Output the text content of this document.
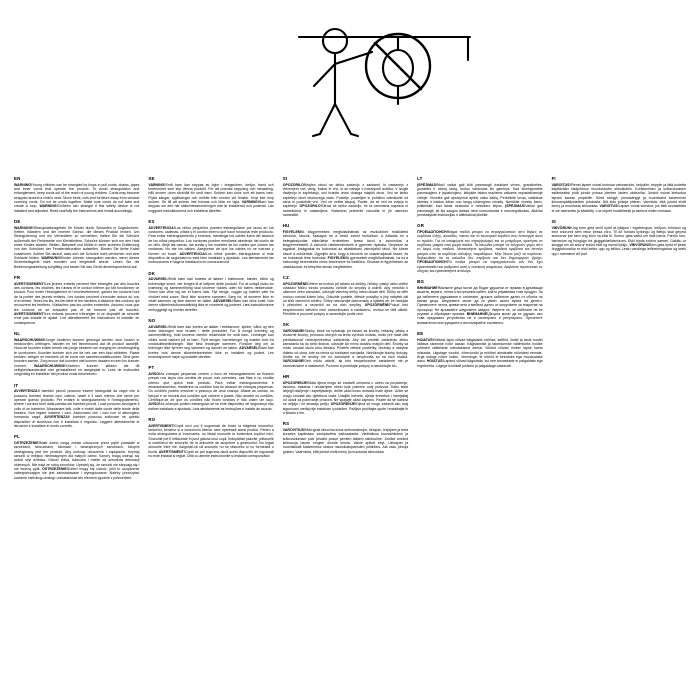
EN
WARNING!Young children can be strangled by loops in pull cords, chains, tapes and inner cords that operate the product. To avoid strangulation and entanglement, keep cords out of the reach of young children. Cords may become wrapped around a child's neck. Move beds, cots and furniture away from window covering cords. Do not tie cords together. Make sure cords do not twist and create a loop. WARNING!Children can strangle if this safety device is not installed and adjusted. Read carefully the instructions and install accordingly.
DE
WARNUNG!Strangulationsgefahr für Kinder durch Schlaufen in Zugschnüren, Ketten, Bändern und der inneren Schnur, die dieses Produkt lenken. Um Strangulierung und ein Verheddern zu vermeiden, halten Sie die Schnüre außerhalb der Reichweite von Kleinkindern. Schnüre können sich um den Hals eines Kindes wickeln. Betten, Babybett und Möbel in einer sicheren Entfernung von den Schnüren der Fensterdekoration aufstellen. Binden Sie keine Kabel zusammen. Achten Sie darauf, dass sich die Schnüre nicht verdrehen und eine Schlaufe bilden. WARNUNG!Kinder können stranguliert werden, wenn dieses Sicherheitsgerät nicht montiert und eingestellt wurde. Lesen Sie die Bedienungsanleitung sorgfältig und bauen Sie das Gerät dementsprechend auf.
FR
AVERTISSEMENT!Les jeunes enfants peuvent être étranglés par des boucles des cordons, les chaînes, les rubans et le cordon interne qui fait fonctionner ce produit. Pour éviter l'étranglement et l'enchevêtrement, gardez les cordons hors de la portée des jeunes enfants. Les cordes peuvent s'enrouler autour du cou d'un enfant. Tenez les lits, les lits bébé et les meubles à distance des cordons qui recouvrent les fenêtres. N'attachez pas les cordes ensemble. Assurez-vous que les cordons ne se torsadent pas et ne forment pas de boucles. AVERTISSEMENT!Les enfants peuvent s'étrangler si ce dispositif de sécurité n'est pas installé et ajusté. Lire attentivement les instructions et installer en conséquence.
NL
WAARSCHUWING!Jonge kinderen kunnen gewurgd worden door lussen in trekkoorden, kettingen, banden en het binnenkoord dat dit product aandrijft. Houd de koorden buiten bereik van jonge kinderen om wurging en verstrengeling te voorkomen. Koorden kunnen zich om de nek van een kind wikkelen. Plaats bedden, wiegen en meubels uit de buurt van raambecoratiekoorden. Bind geen koorden samen. Zorg ervoor dat koorden niet kunnen draaien en een lus kunnen vormen. WAARSCHUWING!Kinderen kunnen stikken als dit veiligheidsonderdeel niet geïnstalleerd en aangepast is. Lees de instructies zorgvuldig en installeer het product zoals beschreven.
IT
AVVERTENZA!I bambini piccoli possono essere strangolati da cappi che si possono formare tirando cavi, catene, nastri e il cavo interno che serve per operare questo prodotto. Per evitare lo strangolamento e l'intrappolamento, tenere i cordoni fuori dalla portata dei bambini piccoli. I cavi possono avvolgere il collo di un bambino. Allontanare letti, culle e mobili dalle corde delle tende della finestra. Non legare insieme i cavi. Assicurarsi che i cavi non si attorciglino formando cappi. AVVERTENZA!I bambini possono soffocare se questo dispositivo di sicurezza non è installato e regolato. Leggere attentamente le istruzioni e installare in modo corretto.
PL
OSTRZEŻENIE!Małe dzieci mogą zostać uduszone przez pętle powstałe w sznurkach, łańcuchach, taśmach i wewnętrznych sznurkach, którymi obsługiwany jest ten produkt. Aby uniknąć uduszenia i zaplątania, trzymaj sznurki w miejscu niedostępnym dla małych dzieci. Sznury mogą owinąć się wokół szyi dziecka. Odsuń łóżka, łóżeczka i meble od sznurków dekoracji okiennych. Nie wiąż ze sobą sznurków. Upewnij się, że sznurki nie skręcają się i nie tworzą pętli. OSTRZEŻENIE!Dzieci mogą się udusić, jeśli to urządzenie zabezpieczające nie jest zainstalowane i wyregulowane. Należy przeczytać uważnie instrukcję obsługi i zainstalować ten element zgodnie z poleceniem.
SE
VARNING!Små barn kan strypas av öglor i dragsnören, kedjor, band och innersnöret som styr denna produkt. För att undvika strypning och intrassling, håll snoren utom räckhåll för små barn. Snören kan snos runt ett barns hals. Flytta sängar, spjälsängar och möbler från snören vid fönster. Knyt inte ihop snören. Se till att snören inte tvinnas och bilar en ögla. VARNING!Barn kan strypas om den här säkerhetsanordningen inte är installerad och justerad. Läs noggrant instruktionerna och installera därefter.
ES
ADVERTENCIA!Los niños pequeños pueden estrangularse por lazos en los cordones, cadenas, cintas y el cordón interno que hace funcionar este producto. Para evitar estrangulamiento y enredos, mantenga los cables fuera del alcance de los niños pequeños. Los cordones pueden enrollarse alrededor del cuello de un niño. Aleje las camas, las cunas y los muebles de los cables que cubren las ventanas. No ate los cables. Asegúrese de que los cables no se tuerzan y formen un bucle. ADVERTENCIA!Los niños pueden estrangularse si este dispositivo de seguridad no está bien instalado y ajustado. Lea atentamente las instrucciones e haga la instalación en consecuencia.
DK
ADVARSEL!Små børn kan kvæles af løkker i træksnore, kæder, bånd og indvendige snore, der bruges til at betjene dette produkt. For at undgå risiko for kvælning og sammenfiltring skal snorene holdes uden for børns rækkevidde. Snore kan vikle sig om et barns hals. Flyt senge, vugger og møbler væk fra vinduet med snore. Bind ikke snorene sammen. Sørg for, at snorene ikke er vikiet sammen og ikke danner en løkke. ADVARSEL!Børn kan blive kvalt, hvis denne sikkerhedsforanstaltning ikke er monteret og justeret. Læs instruktionerne omhyggeligt og monter derefter.
NO
ADVARSEL!Små barn kan kveles av løkker i trekksnorer, kjeder, bånd og den indre ledningen som brukes i dette produktet. For å unngå kvelning og sammenfiltring, hold snorene utenfor rekkevidde for små barn. Ledninger kan vikles rundt nakken på et barn. Flytt senger, barnesenger og møbler bort fra vindusdekselledninger. Ikke bind ledninger sammen. Forsikre deg om at ledninger ikke fyrrerer seg sammen og danner en løkke. ADVARSEL!Barn kan kveles hvis denne sikkerhetsenheten ikke er installert og justert. Les instruksjonene nøye og installer deretter.
PT
AVISO!As crianças pequenas correm o risco de estrangulamento se ficarem presas nos laços dos cordéis de puxar, nas correntes, nas fitas e no cordão interno que opera este produto. Para evitar estrangulamentos e emaranhamentos, mantenha os cordões fora do alcance de crianças pequenas. Os cordões podem envolver o pescoço de uma criança. Afaste as camas, os berços e os móveis dos cordões que cobrem a janela. Não amarre os cordões. Certifique-se de que os cordões não ficam torcidos e não criam um laço. AVISO!As crianças podem estrangular-se se este dispositivo de segurança não estiver instalado e ajustado. Leia atentamente as instruções e instale de acordo.
RO
AVERTISMENT!Copiii mici pot fi sugrumați de bucle la trăgerea snururilor, lanțurilor, benzilor și a cordonului interior care operează acest produs. Pentru a evita strangularea și încurcarea, nu lăsați snururile la îndemâna copiilor mici. Snururile pot fi înfășurate în jurul gâtului unui copil. Îndepărtați paturile, pătuțurile și mobilierul de snururile de la articolele de acoperire a geamurilor. Nu legați snururile între ele. Asigurați-vă că snururile nu se răsucesc și nu formează o buclă. AVERTISMENT!Copiii se pot sugruma dacă acest dispozitiv de siguranță nu este instalat și reglat. Citiți cu atenție instrucțiunile și instalați corespunzător.
SI
OPOZORILO!Majhni otroci se lahko zadavijo z zankami, ki nastanejo z vlečenjem vrvi, verig, trakov in vrvi, ki se nahaja v notranjosti izdelka. V izogib davljenju in zapletanju, vrvi hranite izven dosega mlajših otrok. Vrvi se lahko zapletejo okoli otrokovega vratu. Postelje, posteljice in pohištvo odmaknite od okna in poskrbite vrvi. Vrvi ne vežite skupaj. Pazite, da se vrvi ne zvijejo in zapletejo. OPOZORILO!Otroci se lahko zadavijo, če ta varnostna naprava ni nameščena in nastavljena. Natančno preberite navodila in jih ustrezno namestite.
HU
FIGYELEM!A kisgyermekek megfulladhatnak az eszközöket működtető zsinórok, láncok, szalagok és a belső zsinór hurkaiban. A fulladás és a belegabalyodás elkerülése érdekében tartsa távol a zsinórokat a kisgyermekektől. A zsinórok rátekeredhetnek a gyermek nyakára. Helyezze az ágyakat, kiságyakat és bútorokat az ablaktakaró zsinórjaitól távol. Ne kösse össze a zsinórokat. Ügyeljen arra, hogy a zsinórok ne csavarodjanak össze, és ne hozzanak létre hurkokat. FIGYELEM!A gyermekek megfulladhatnak, ha ez a biztonsági berendezés nincs felszerelve és beállítva. Olvassa el figyelmesen az utasításokat, és telepítse annak megfelelően.
CZ
UPOZORNĚNÍ!Dětem se mohou při tahání za šňůrky, řetízky, pásky nebo vnitřní ovládací šňůru tohoto produktu vzniklé do smyčky a uškrtit. Aby nedošlo k uškrcení nebo zamotání, udržujte všechny šňůry mimo dosah dětí. Šňůry se děhi mohou omotat kolem krku. Odsuňte postele, dětské postýlky a jiný nábytek dál od šňůr okenních stínění. Šňůry nesvazujte dohromady a ujistěte se, že nedojde k přetočení a nevzniklí se na nich smyčky. UPOZORNĚNÍ!Pokud toto bezpečnostní zařízení není namontováno a nastaveno, mohou se děti uškrtit. Přečtěte si pozorně pokyny a namontujte podle nich.
SK
VAROVANIE!Slučky, ktoré sa vytvárajú pri ťahaní za šnúrky, retiazky, pásky a vnútorné šnúrky, pomocou ktorých sa tento výrobok ovláda, môžu pre malé deti predstavovať nebezpečenstvo zaškrtenia. Aby ste predišli zaškrteniu alebo zamotaniu sa do tohto šnúrok, udržujte ich mimo dosahu malých detí. Šnúrky sa môžu omotať okolo krku dieťaťa. Posteľe detské postieľky, ohrádky a nábytok ďaleko od okna, kde sa nénia sú šnúrkami navíjadlá. Nezväzujte šnúrky dokopy. Uistite sa, že šnúrky nie sú zamotané a nevytvorila sa na nich slučka. VAROVANIE!Deti môžu uškrtiť, ak toto bezpečnostné zariadenie nie je namontované a nastavené. Pozorne si prečítajte pokyny a namontujte ich.
HR
UPOZORENJE!Mala djeca mogu se zadaviti omčama u užetu za povlačenje, lancima, trakama i unutarnjem užetu koje pokreće ovaj proizvod. Kako biste izbjegli davljenje i zapetljavanje, držite užad izvan dohvata male djece. Užice se mogu omotati oko djetetova vrata. Udaljite krevete, dječje krevetiće i namještaj od užadi za pokrivanje prozora. Ne spajajte užad zajedno. Pazite da se kablovi ne uvijaju i ne stvaraju petlju. UPOZORENJE!Djeca se mogu zadaviti ako ovaj sigurnosni uređaj nije instaliran i podešen. Pažljivo pročitajte upute i instalirajte ih u skladu s tim.
RS
VAROVITIUS!Mali igrati taisni kurzcius setionaulmojm, ketujom, trejajiem ja beta kurzetra kaptinaam szukpavėtos vaikusstadia. Viešilaikosi kurzažminiem ja sutinosžiumam pole johollot posue pemten taštem sišritoulme. Johillot smnied kiribouzja hauen smgien dinnde kinnla. Vaivie apibet esyt. Užisapiet ja huomlakkaš kaavemiesz uksiua naudokatopaesden juhtinbus. Ala usku johtoja ghteen. Vaarmista, että johdot eivät kierry ja muodosta silmukkaa.
LT
ĮSPĖJIMAS!Maži vaikai gali būti pasmaugti traukiant virves, grandinėles, juosteles ir vidinę laidą, kuriuo valdomas šis gaminys. Kad išvengtumėte pasmaugimo ir įsipainiojimo, laikykite laidus mažiems vaikams nepasiekiamoje vietoje. Virvelės gali apsivynioti aplink vaiko kaklą. Perkelkite lovas, vaikiškas lavetes ir baldus toliau nuo langų uždengimo virvelių. Neriškite virvelių kartu. Įsitikinkite, kad laidai nesisuka ir nesudaro kilpos. ĮSPĖJIMAS!Vaikai gali pasmaugti, jei šis saugos įtaisas nėra sumontuotas ir nesureguliuotas. Atidžiai perskaitykite instrukcijas ir atitinkamai įdiekite.
GR
ΠΡΟΕΙΔΟΠΟΙΗΣΗ!Μικρά παιδιά μπορεί να στραγγαλιστούν από θηλιές σε κορδόνια έλξης, αλυσίδες, ταινίες και το εσωτερικό κορδόνι που λειτουργεί αυτό το προϊόν. Για να αποφύγετε τον στραγγαλισμό και το μπέρδεμα, κρατήστε τα κορδόνια μακριά από μικρά παιδιά. Τα καλώδια μπορεί να τυλιχτούν γύρω από το λαιμό ενός παιδιού. Μετακινήστε κρεβάτια, παιδικά κρεβάτια και έπιπλα μακριά από τα κορδόνια κάλυψης παραθύρων. Μην δένετε μαζί τα κορδόνια. Βεβαιωθείτε ότι τα καλώδια δεν στρίβουν και δεν δημιουργούν βρόχο. ΠΡΟΕΙΔΟΠΟΙΗΣΗ!Τα παιδιά μπορεί να στραγγαλιστούν εάν δεν έχει εγκατασταθεί και ρυθμιστεί αυτή η συσκευή ασφαλείας. Διαβάστε προσεκτικά τις οδηγίες και εγκαταστήστε ανάλογα.
BG
ВНИМАНИЕ!Малките деца могат да бъдат удушени от примки в дръпващи въжета, вериги, ленти и вътрешния кабел, който управлява този продукт. За да избегнете удушаване и оплитане, дръжте кабелите далеч от обсега на малки деца. Шнуровете могат да се увият около врата на детето. Преместете легла, креватчета и мебели далеч от шнуровете за покритие на прозорци. Не връзвайте шнуровете заедно. Уверете се, че кабелите не се усукват и образуват примка. ВНИМАНИЕ!Децата могат да се удушат, ако това предпазно устройство не е монтирано и регулирано. Прочетете внимателно инструкциите и инсталирайте съответно.
EE
HOIATUS!Väikesi lapsi võivad käigistada nöörisd, ketthid, lindid ja seda toodet käitava sisemise nööri aasad. Kägistamise ja takerdumise vältimiseks hoidke juhtmed väikelaste käeulatusest eemal. Nöörid võivad ümber lapse kaela mässida. Liigutage voodid, võrevoodid ja mööbel aknakatte nööridest eemale. Ärge siduge nööre kokku. Veenduge, et nöörid ei keerduks ega moodustaks aasu. HOIATUS!Lapsed võivad kägistada, kui see turvaseade ei paigaldata ega reguleerita. Lugege hoolikalt juhiseid ja paigaldage vastavalt.
FI
VAROITUS!Pienet lapset voivat kuristua vetonaruhin, ketjuihin, teippiin ja tätä tuotetta käyttävään sisäjohtoon muodostuviin silmukoihin. Kuristumisen ja sotkeutumisen estämiseksi pidä johdot poissa pienten lasten ulottuvilta. Johdot voivat kietoutua lapsen kaulan ympärille. Siirrä sängyt, pinnasängyt ja huonekalut kauemmas ikkunanpäällysteiden johdoista. Älä sido johtoja yhteen. Varmista, että johdot eivät kierry ja muodosta silmukkaa. VAROITUS!Lapset voivat kuristua, jos tätä turvalaitetta ei ole asennettu ja säädetty. Lue ohjeet huolellisesti ja asenna niiden mukaan.
IS
VIÐVÖRUN!Ung börn geta verið kyrkt af lykkjum í togstrengum, keðjum, böndum og innri snúrunni sem rekur þessa vöru. Til að forðast kyrkingu og flækju skal geyma snúrurnar þar sem ung börn ná ekki til. Snúrur geta vafist um háls barns. Færðu rúm, barnarúm og húsgögn frá gluggaklæðasnúrum. Ekki binda snúrur saman. Gakktu úr skugga um að snúrur snúist ekki og myndi lykkju. VIÐVÖRUN!Börn geta kyrkt ef þessi öryggisbúnaður er ekki settur upp og stilltur. Lestu vandlega leiðbeiningarnar og settu upp í samræmi við það.
